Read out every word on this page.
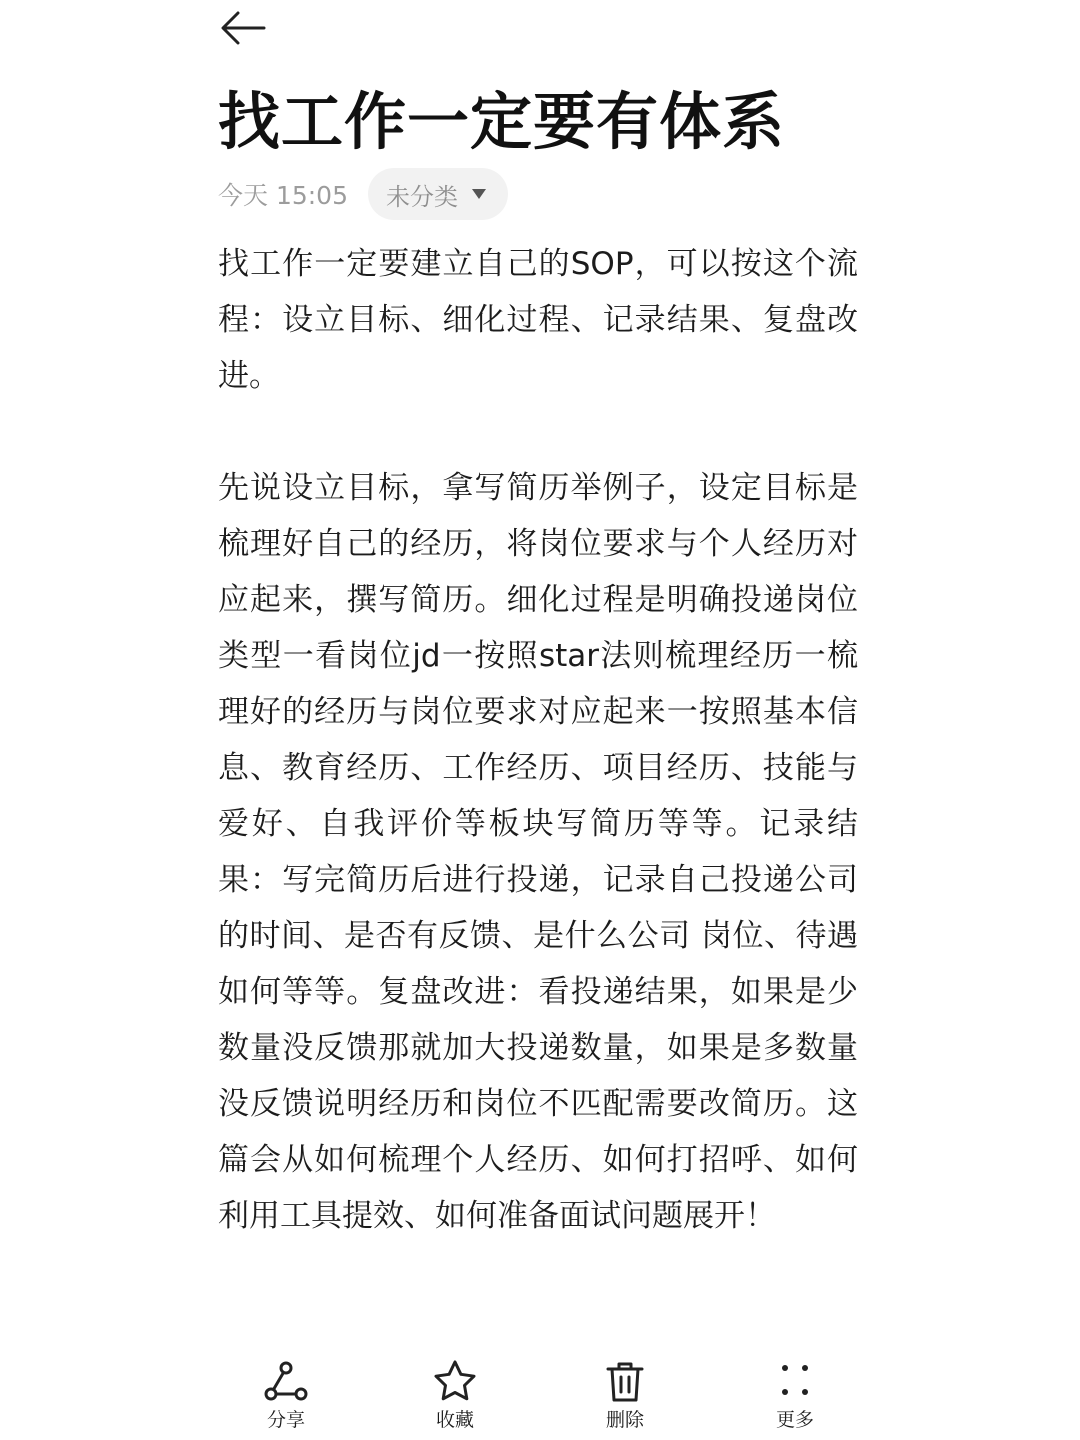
找工作一定要有体系
今天 15:05 未分类

找工作一定要建立自己的SOP，可以按这个流程：设立目标、细化过程、记录结果、复盘改进。

先说设立目标，拿写简历举例子，设定目标是梳理好自己的经历，将岗位要求与个人经历对应起来，撰写简历。细化过程是明确投递岗位类型一看岗位jd一按照star法则梳理经历一梳理好的经历与岗位要求对应起来一按照基本信息、教育经历、工作经历、项目经历、技能与爱好、自我评价等板块写简历等等。记录结果：写完简历后进行投递，记录自己投递公司的时间、是否有反馈、是什么公司 岗位、待遇如何等等。复盘改进：看投递结果，如果是少数量没反馈那就加大投递数量，如果是多数量没反馈说明经历和岗位不匹配需要改简历。这篇会从如何梳理个人经历、如何打招呼、如何利用工具提效、如何准备面试问题展开！

分享	收藏	删除	更多
